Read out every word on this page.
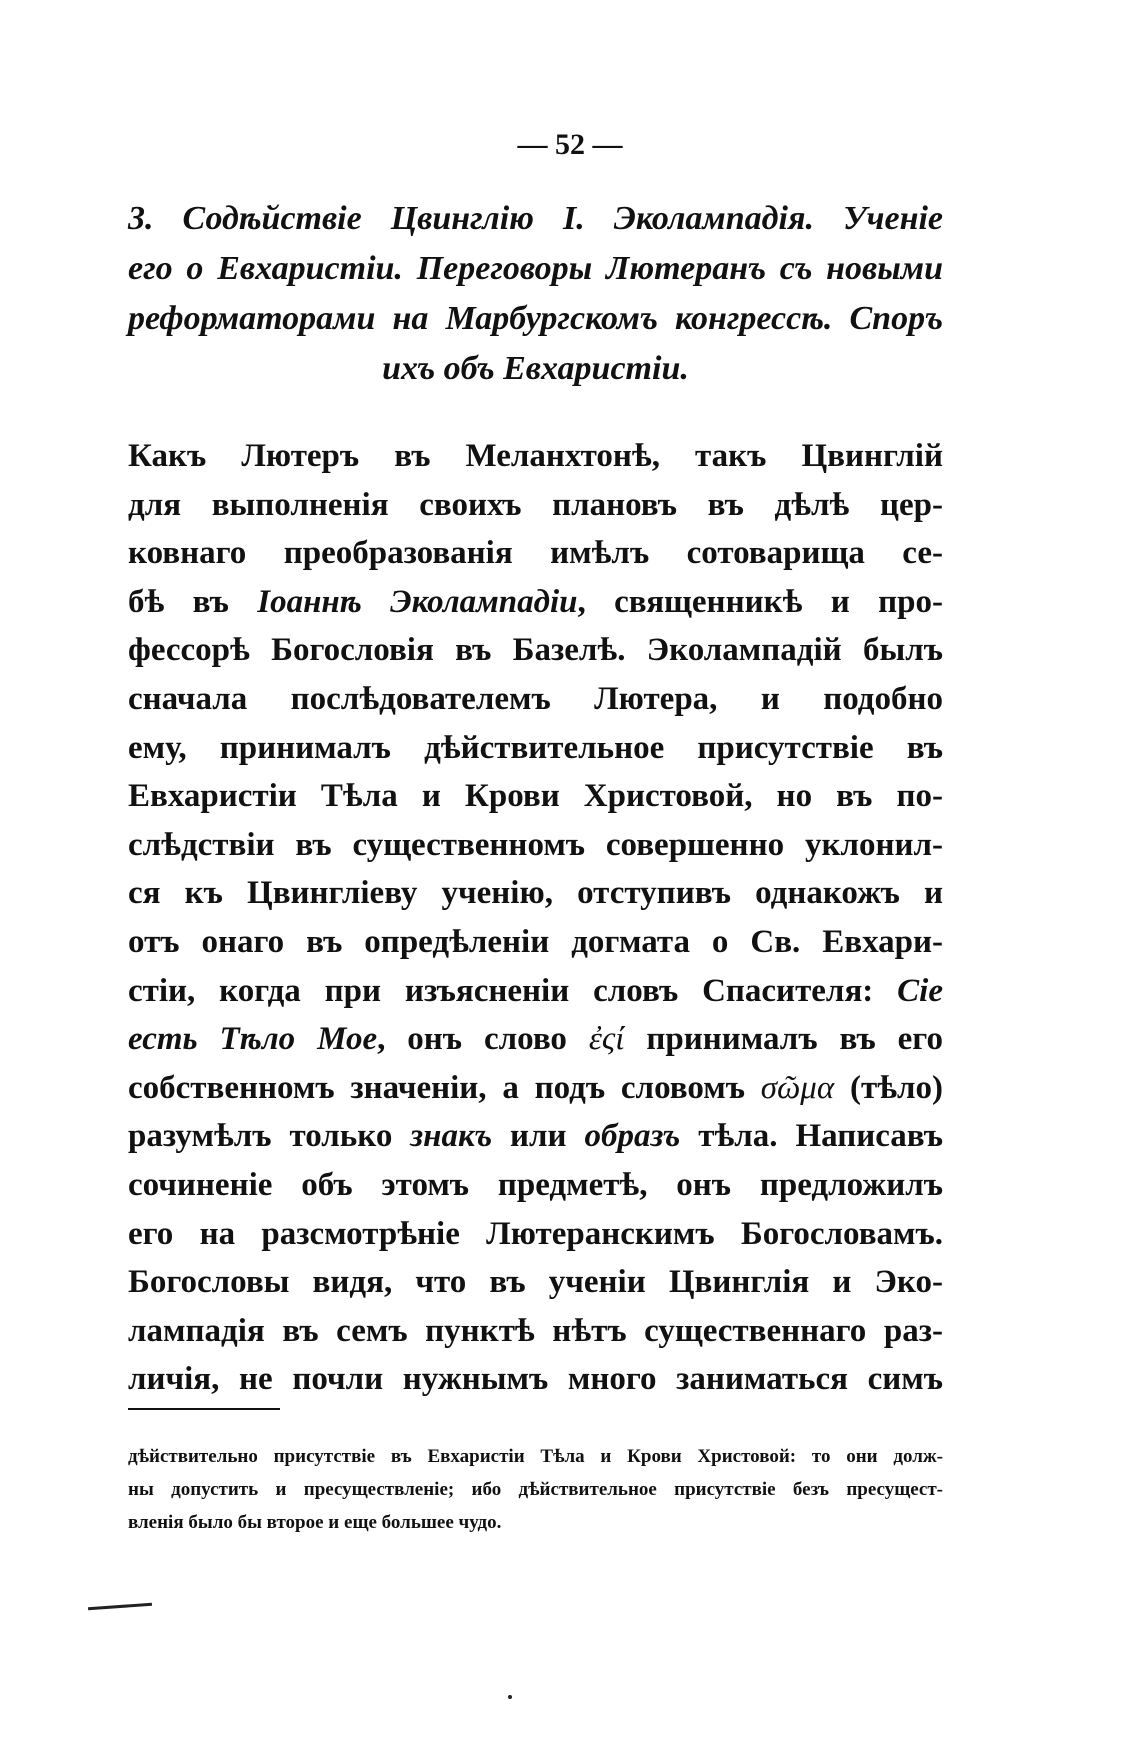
— 52 —
3. Содѣйствіе Цвинглію I. Эколампадія. Ученіе
его о Евхаристіи. Переговоры Лютеранъ съ новыми
реформаторами на Марбургскомъ конгрессѣ. Споръ
ихъ объ Евхаристіи.
Какъ Лютеръ въ Меланхтонѣ, такъ Цвинглій
для выполненія своихъ плановъ въ дѣлѣ цер-
ковнаго преобразованія имѣлъ сотоварища се-
бѣ въ Іоаннѣ Эколампадіи, священникѣ и про-
фессорѣ Богословія въ Базелѣ. Эколампадій былъ
сначала послѣдователемъ Лютера, и подобно
ему, принималъ дѣйствительное присутствіе въ
Евхаристіи Тѣла и Крови Христовой, но въ по-
слѣдствіи въ существенномъ совершенно уклонил-
ся къ Цвингліеву ученію, отступивъ однакожъ и
отъ онаго въ опредѣленіи догмата о Св. Евхари-
стіи, когда при изъясненіи словъ Спасителя: Сіе
есть Тѣло Мое, онъ слово ἐςί принималъ въ его
собственномъ значеніи, а подъ словомъ σῶμα (тѣло)
разумѣлъ только знакъ или образъ тѣла. Написавъ
сочиненіе объ этомъ предметѣ, онъ предложилъ
его на разсмотрѣніе Лютеранскимъ Богословамъ.
Богословы видя, что въ ученіи Цвинглія и Эко-
лампадія въ семъ пунктѣ нѣтъ существеннаго раз-
личія, не почли нужнымъ много заниматься симъ
дѣйствительно присутствіе въ Евхаристіи Тѣла и Крови Христовой: то они долж-
ны допустить и пресуществленіе; ибо дѣйствительное присутствіе безъ пресущест-
вленія было бы второе и еще большее чудо.
